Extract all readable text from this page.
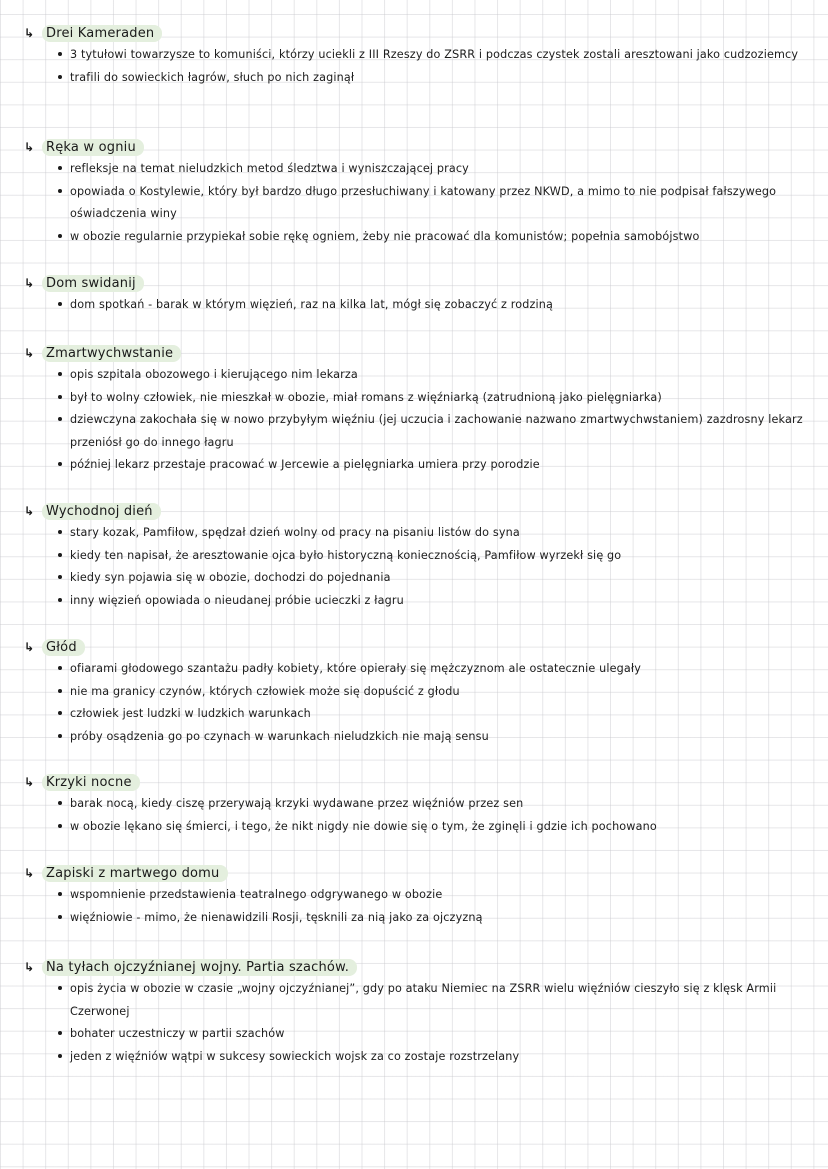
↳ Drei Kameraden
3 tytułowi towarzysze to komuniści, którzy uciekli z III Rzeszy do ZSRR i podczas czystek zostali aresztowani jako cudzoziemcy
trafili do sowieckich łagrów, słuch po nich zaginął
↳ Ręka w ogniu
refleksje na temat nieludzkich metod śledztwa i wyniszczającej pracy
opowiada o Kostylewie, który był bardzo długo przesłuchiwany i katowany przez NKWD, a mimo to nie podpisał fałszywego oświadczenia winy
w obozie regularnie przypiekał sobie rękę ogniem, żeby nie pracować dla komunistów; popełnia samobójstwo
↳ Dom swidanij
dom spotkań - barak w którym więzień, raz na kilka lat, mógł się zobaczyć z rodziną
↳ Zmartwychwstanie
opis szpitala obozowego i kierującego nim lekarza
był to wolny człowiek, nie mieszkał w obozie, miał romans z więźniarką (zatrudnioną jako pielęgniarka)
dziewczyna zakochała się w nowo przybyłym więźniu (jej uczucia i zachowanie nazwano zmartwychwstaniem) zazdrosny lekarz przeniósł go do innego łagru
później lekarz przestaje pracować w Jercewie a pielęgniarka umiera przy porodzie
↳ Wychodnoj dień
stary kozak, Pamfiłow, spędzał dzień wolny od pracy na pisaniu listów do syna
kiedy ten napisał, że aresztowanie ojca było historyczną koniecznością, Pamfiłow wyrzekł się go
kiedy syn pojawia się w obozie, dochodzi do pojednania
inny więzień opowiada o nieudanej próbie ucieczki z łagru
↳ Głód
ofiarami głodowego szantażu padły kobiety, które opierały się mężczyznom ale ostatecznie ulegały
nie ma granicy czynów, których człowiek może się dopuścić z głodu
człowiek jest ludzki w ludzkich warunkach
próby osądzenia go po czynach w warunkach nieludzkich nie mają sensu
↳ Krzyki nocne
barak nocą, kiedy ciszę przerywają krzyki wydawane przez więźniów przez sen
w obozie lękano się śmierci, i tego, że nikt nigdy nie dowie się o tym, że zginęli i gdzie ich pochowano
↳ Zapiski z martwego domu
wspomnienie przedstawienia teatralnego odgrywanego w obozie
więźniowie - mimo, że nienawidzili Rosji, tęsknili za nią jako za ojczyzną
↳ Na tyłach ojczyźnianej wojny. Partia szachów.
opis życia w obozie w czasie „wojny ojczyźnianej”, gdy po ataku Niemiec na ZSRR wielu więźniów cieszyło się z klęsk Armii Czerwonej
bohater uczestniczy w partii szachów
jeden z więźniów wątpi w sukcesy sowieckich wojsk za co zostaje rozstrzelany
